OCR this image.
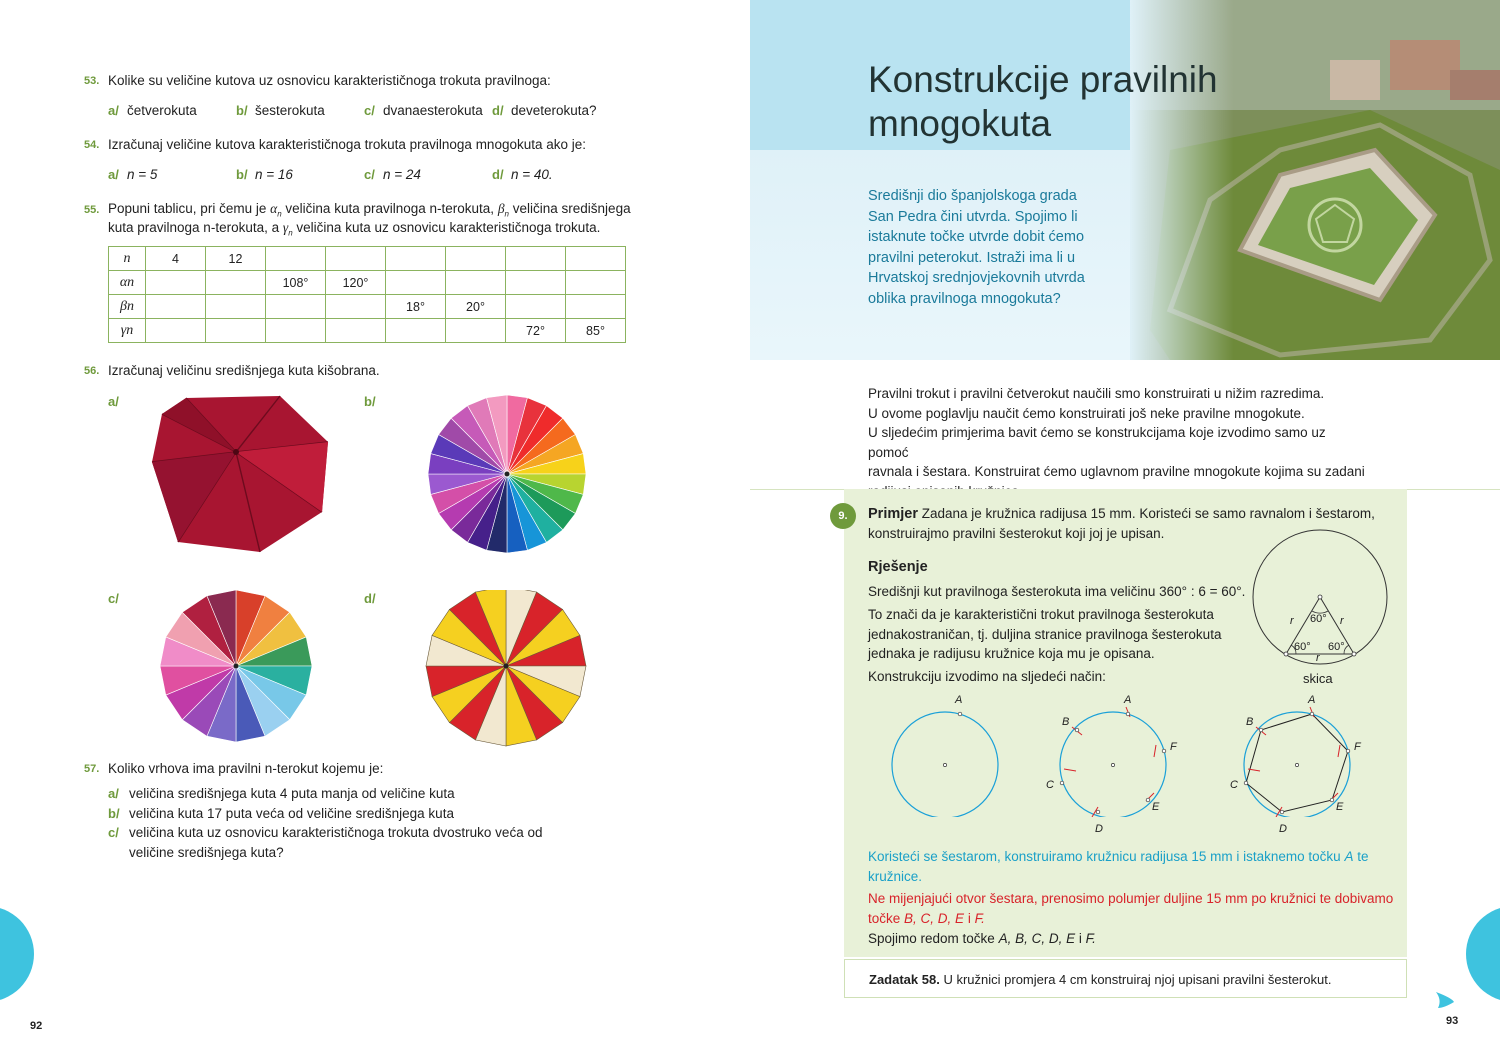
53. Kolike su veličine kutova uz osnovicu karakterističnoga trokuta pravilnoga:
a/ četverokuta	b/ šesterokuta	c/ dvanaesterokuta d/ deveterokuta?
54. Izračunaj veličine kutova karakterističnoga trokuta pravilnoga mnogokuta ako je:
a/ n = 5	b/ n = 16	c/ n = 24	d/ n = 40.
55. Popuni tablicu, pri čemu je $\alpha_n$ veličina kuta pravilnoga n-terokuta, $\beta_n$ veličina središnjega
kuta pravilnoga n-terokuta, a $\gamma_n$ veličina kuta uz osnovicu karakterističnoga trokuta.
n	4	12						
αn			108°	120°				
βn					18°	20°		
γn							72°	85°
56. Izračunaj veličinu središnjega kuta kišobrana.
a/	b/
c/	d/
57. Koliko vrhova ima pravilni n-terokut kojemu je:
a/ veličina središnjega kuta 4 puta manja od veličine kuta
b/ veličina kuta 17 puta veća od veličine središnjega kuta
c/ veličina kuta uz osnovicu karakterističnoga trokuta dvostruko veća od
veličine središnjega kuta?
92
Konstrukcije pravilnih
mnogokuta
Središnji dio španjolskoga grada San Pedra čini utvrda. Spojimo li istaknute točke utvrde dobit ćemo pravilni peterokut. Istraži ima li u Hrvatskoj srednjovjekovnih utvrda oblika pravilnoga mnogokuta?
Pravilni trokut i pravilni četverokut naučili smo konstruirati u nižim razredima.
U ovome poglavlju naučit ćemo konstruirati još neke pravilne mnogokute.
U sljedećim primjerima bavit ćemo se konstrukcijama koje izvodimo samo uz pomoć
ravnala i šestara. Konstruirat ćemo uglavnom pravilne mnogokute kojima su zadani
9.	Primjer Zadana je kružnica radijusa 15 mm. Koristeći se samo ravnalom i šestarom,
konstruirajmo pravilni šesterokut koji joj je upisan.
Rješenje
Središnji kut pravilnoga šesterokuta ima veličinu 360° : 6 = 60°.
To znači da je karakteristični trokut pravilnoga šesterokuta
jednakostraničan, tj. duljina stranice pravilnoga šesterokuta
jednaka je radijusu kružnice koja mu je opisana.
Konstrukciju izvodimo na sljedeći način:
60°
60° 60°
r	r
r
skica
A	A
B
F
C
E
D
A
B
F
C
E
D
Koristeći se šestarom, konstruiramo kružnicu radijusa 15 mm i istaknemo točku A te kružnice.
Ne mijenjajući otvor šestara, prenosimo polumjer duljine 15 mm po kružnici te dobivamo točke B, C, D, E i F.
Spojimo redom točke A, B, C, D, E i F.
Zadatak 58. U kružnici promjera 4 cm konstruiraj njoj upisani pravilni šesterokut.
93
